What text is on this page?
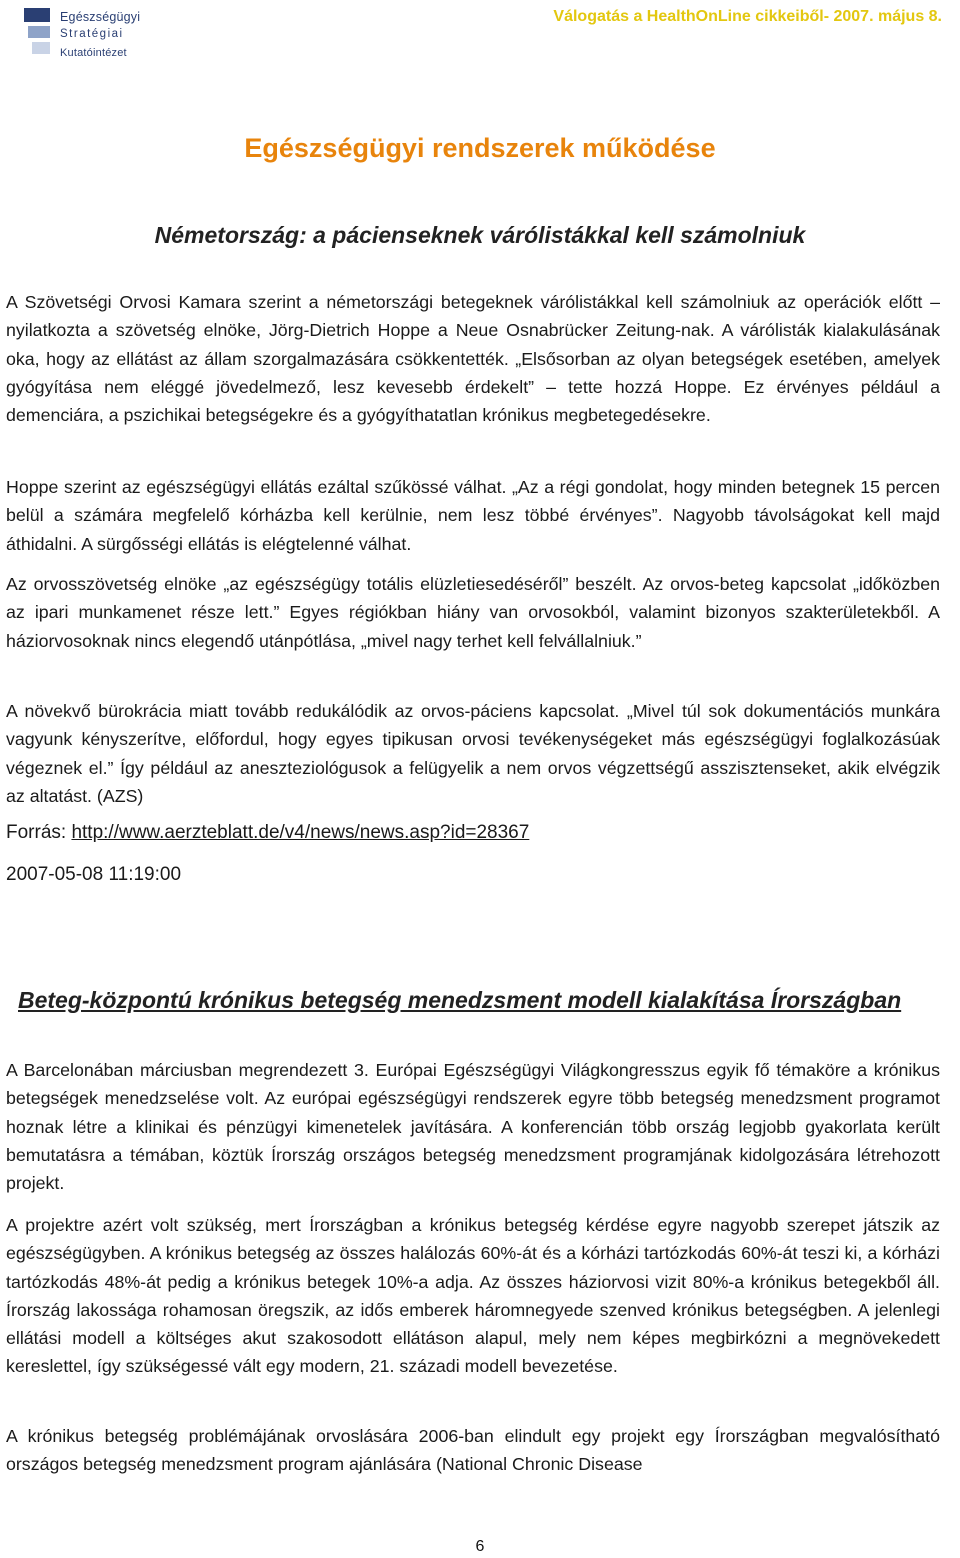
Egészségügyi
Stratégiai
Kutatóintézet
Válogatás a HealthOnLine cikkeiből- 2007. május 8.
Egészségügyi rendszerek működése
Németország: a pácienseknek várólistákkal kell számolniuk

A Szövetségi Orvosi Kamara szerint a németországi betegeknek várólistákkal kell számolniuk az operációk előtt – nyilatkozta a szövetség elnöke, Jörg-Dietrich Hoppe a Neue Osnabrücker Zeitung-nak. A várólisták kialakulásának oka, hogy az ellátást az állam szorgalmazására csökkentették. „Elsősorban az olyan betegségek esetében, amelyek gyógyítása nem eléggé jövedelmező, lesz kevesebb érdekelt” – tette hozzá Hoppe. Ez érvényes például a demenciára, a pszichikai betegségekre és a gyógyíthatatlan krónikus megbetegedésekre.

Hoppe szerint az egészségügyi ellátás ezáltal szűkössé válhat. „Az a régi gondolat, hogy minden betegnek 15 percen belül a számára megfelelő kórházba kell kerülnie, nem lesz többé érvényes”. Nagyobb távolságokat kell majd áthidalni. A sürgősségi ellátás is elégtelenné válhat.

Az orvosszövetség elnöke „az egészségügy totális elüzletiesedéséről” beszélt. Az orvos-beteg kapcsolat „időközben az ipari munkamenet része lett.” Egyes régiókban hiány van orvosokból, valamint bizonyos szakterületekből. A háziorvosoknak nincs elegendő utánpótlása, „mivel nagy terhet kell felvállalniuk.”

A növekvő bürokrácia miatt tovább redukálódik az orvos-páciens kapcsolat. „Mivel túl sok dokumentációs munkára vagyunk kényszerítve, előfordul, hogy egyes tipikusan orvosi tevékenységeket más egészségügyi foglalkozásúak végeznek el.” Így például az aneszteziológusok a felügyelik a nem orvos végzettségű asszisztenseket, akik elvégzik az altatást. (AZS)

Forrás: http://www.aerzteblatt.de/v4/news/news.asp?id=28367

2007-05-08 11:19:00

Beteg-központú krónikus betegség menedzsment modell kialakítása Írországban

A Barcelonában márciusban megrendezett 3. Európai Egészségügyi Világkongresszus egyik fő témaköre a krónikus betegségek menedzselése volt. Az európai egészségügyi rendszerek egyre több betegség menedzsment programot hoznak létre a klinikai és pénzügyi kimenetelek javítására. A konferencián több ország legjobb gyakorlata került bemutatásra a témában, köztük Írország országos betegség menedzsment programjának kidolgozására létrehozott projekt.

A projektre azért volt szükség, mert Írországban a krónikus betegség kérdése egyre nagyobb szerepet játszik az egészségügyben. A krónikus betegség az összes halálozás 60%-át és a kórházi tartózkodás 60%-át teszi ki, a kórházi tartózkodás 48%-át pedig a krónikus betegek 10%-a adja. Az összes háziorvosi vizit 80%-a krónikus betegekből áll. Írország lakossága rohamosan öregszik, az idős emberek háromnegyede szenved krónikus betegségben. A jelenlegi ellátási modell a költséges akut szakosodott ellátáson alapul, mely nem képes megbirkózni a megnövekedett kereslettel, így szükségessé vált egy modern, 21. századi modell bevezetése.

A krónikus betegség problémájának orvoslására 2006-ban elindult egy projekt egy Írországban megvalósítható országos betegség menedzsment program ajánlására (National Chronic Disease

6
